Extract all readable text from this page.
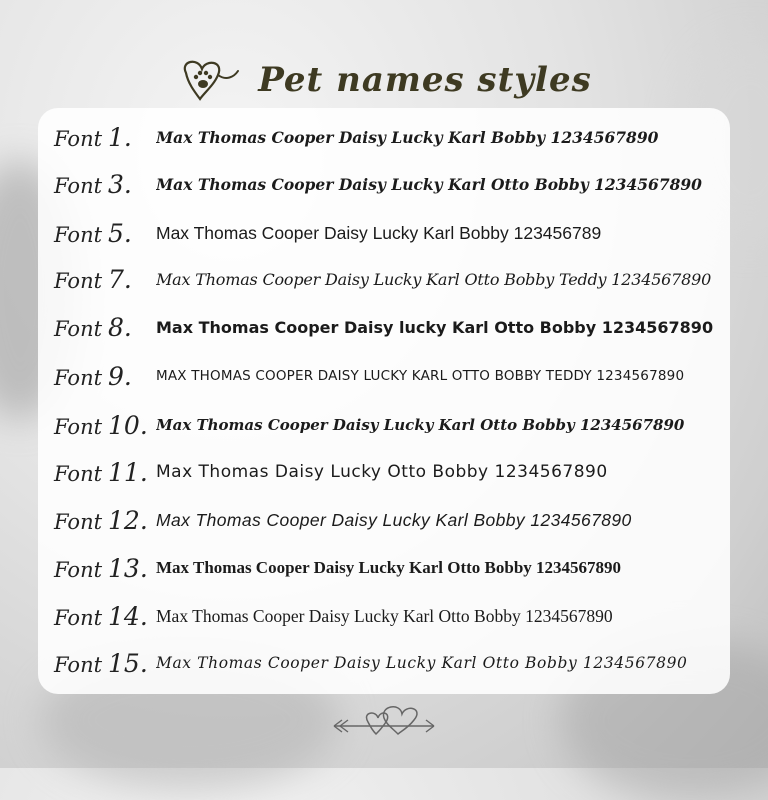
Pet names styles
Font 1.	Max Thomas Cooper Daisy Lucky Karl Bobby 1234567890
Font 3.	Max Thomas Cooper Daisy Lucky Karl Otto Bobby 1234567890
Font 5.	Max Thomas Cooper Daisy Lucky Karl Bobby 123456789
Font 7.	Max Thomas Cooper Daisy Lucky Karl Otto Bobby Teddy 1234567890
Font 8.	Max Thomas Cooper Daisy lucky Karl Otto Bobby 1234567890
Font 9.	MAX THOMAS COOPER DAISY LUCKY KARL OTTO BOBBY TEDDY 1234567890
Font 10. Max Thomas Cooper Daisy Lucky Karl Otto Bobby 1234567890
Font 11. Max Thomas Daisy Lucky Otto Bobby 1234567890
Font 12. Max Thomas Cooper Daisy Lucky Karl Bobby 1234567890
Font 13. Max Thomas Cooper Daisy Lucky Karl Otto Bobby 1234567890
Font 14. Max Thomas Cooper Daisy Lucky Karl Otto Bobby 1234567890
Font 15. Max Thomas Cooper Daisy Lucky Karl Otto Bobby 1234567890
